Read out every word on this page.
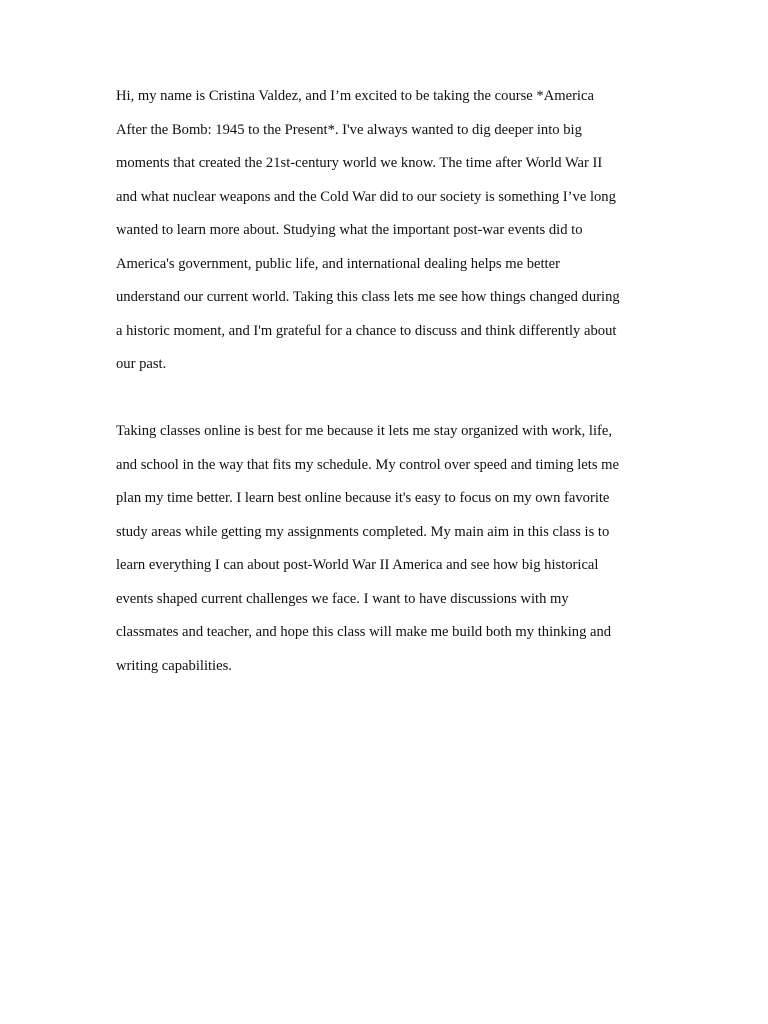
Hi, my name is Cristina Valdez, and I’m excited to be taking the course *America
After the Bomb: 1945 to the Present*. I've always wanted to dig deeper into big
moments that created the 21st-century world we know. The time after World War II
and what nuclear weapons and the Cold War did to our society is something I’ve long
wanted to learn more about. Studying what the important post-war events did to
America's government, public life, and international dealing helps me better
understand our current world. Taking this class lets me see how things changed during
a historic moment, and I'm grateful for a chance to discuss and think differently about
our past.
Taking classes online is best for me because it lets me stay organized with work, life,
and school in the way that fits my schedule. My control over speed and timing lets me
plan my time better. I learn best online because it's easy to focus on my own favorite
study areas while getting my assignments completed. My main aim in this class is to
learn everything I can about post-World War II America and see how big historical
events shaped current challenges we face. I want to have discussions with my
classmates and teacher, and hope this class will make me build both my thinking and
writing capabilities.
